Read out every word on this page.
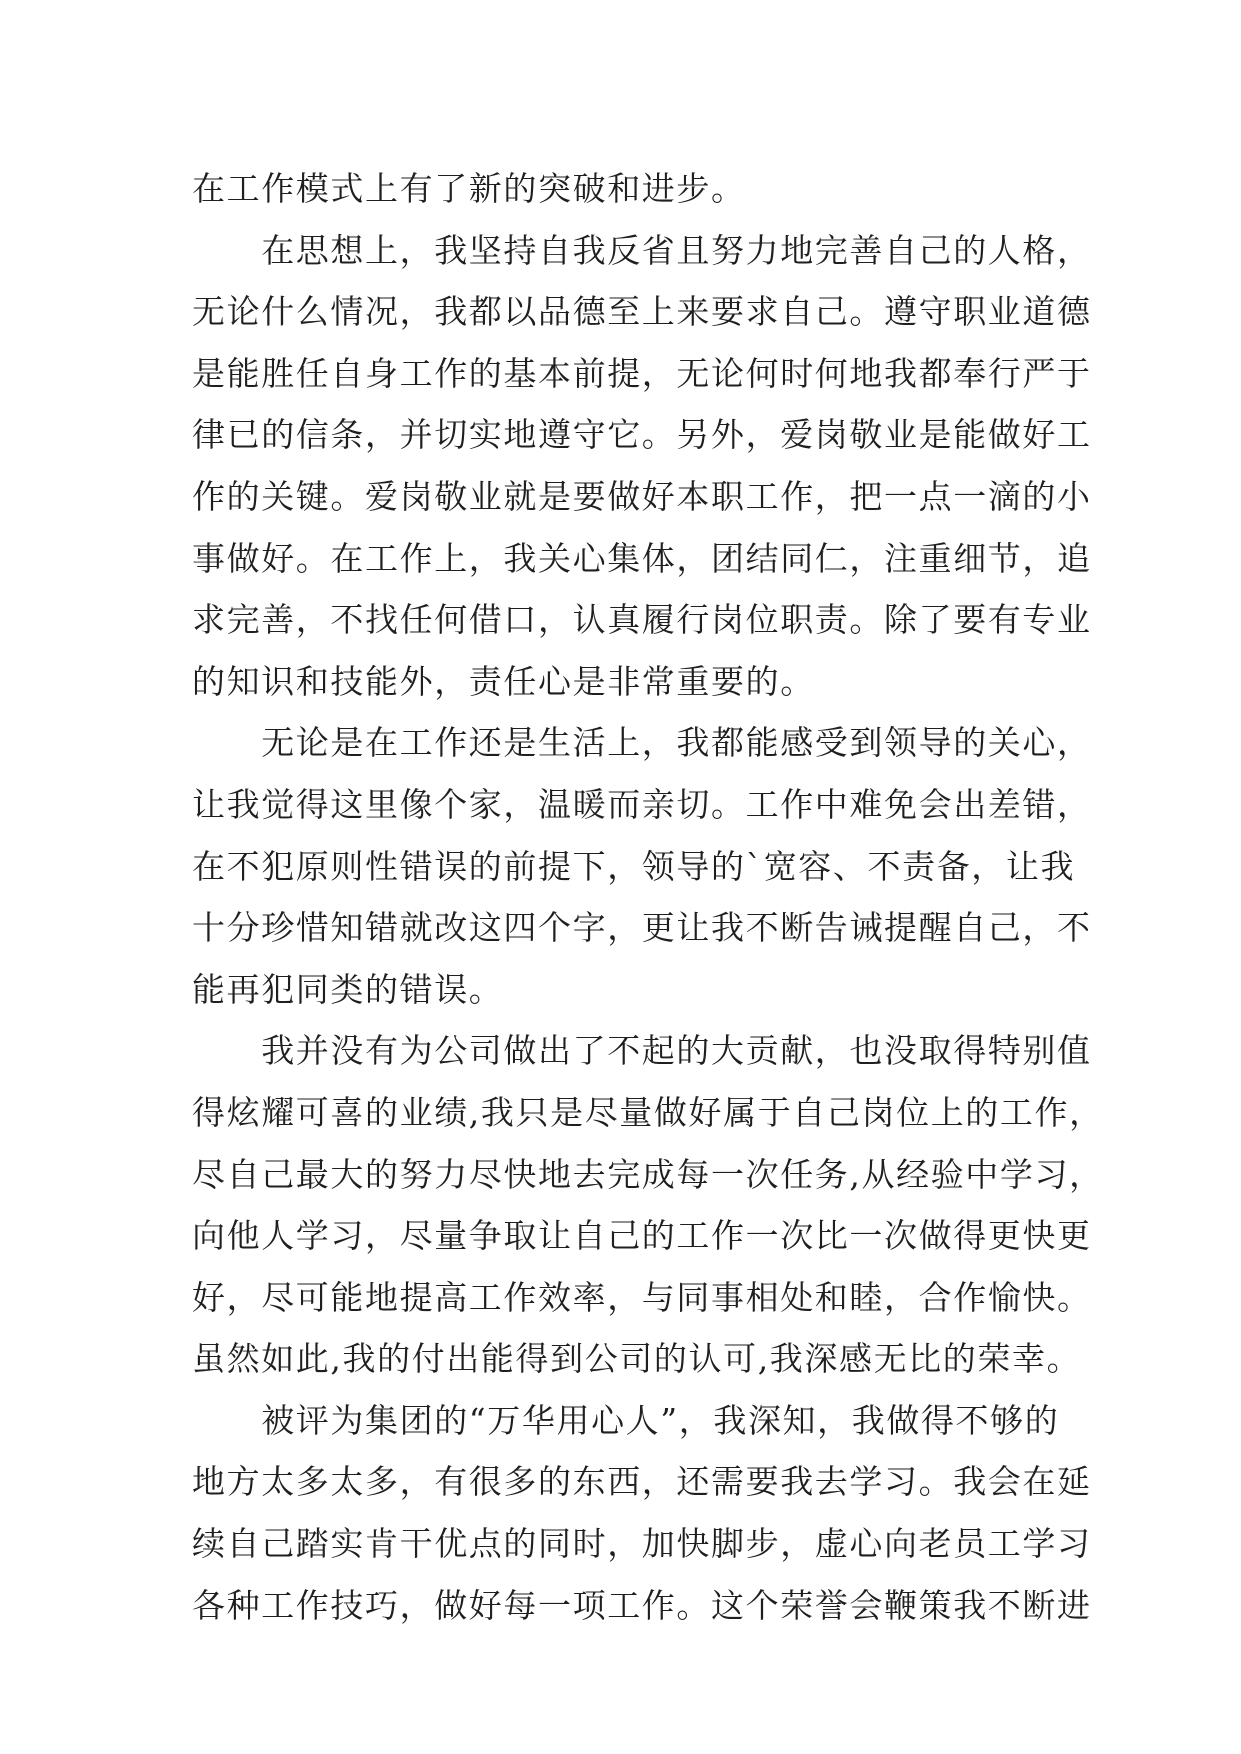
在工作模式上有了新的突破和进步。
　　在思想上，我坚持自我反省且努力地完善自己的人格，
无论什么情况，我都以品德至上来要求自己。遵守职业道德
是能胜任自身工作的基本前提，无论何时何地我都奉行严于
律已的信条，并切实地遵守它。另外，爱岗敬业是能做好工
作的关键。爱岗敬业就是要做好本职工作，把一点一滴的小
事做好。在工作上，我关心集体，团结同仁，注重细节，追
求完善，不找任何借口，认真履行岗位职责。除了要有专业
的知识和技能外，责任心是非常重要的。
　　无论是在工作还是生活上，我都能感受到领导的关心，
让我觉得这里像个家，温暖而亲切。工作中难免会出差错，
在不犯原则性错误的前提下，领导的`宽容、不责备，让我
十分珍惜知错就改这四个字，更让我不断告诫提醒自己，不
能再犯同类的错误。
　　我并没有为公司做出了不起的大贡献，也没取得特别值
得炫耀可喜的业绩,我只是尽量做好属于自己岗位上的工作，
尽自己最大的努力尽快地去完成每一次任务,从经验中学习，
向他人学习，尽量争取让自己的工作一次比一次做得更快更
好，尽可能地提高工作效率，与同事相处和睦，合作愉快。
虽然如此,我的付出能得到公司的认可,我深感无比的荣幸。
　　被评为集团的“万华用心人”，我深知，我做得不够的
地方太多太多，有很多的东西，还需要我去学习。我会在延
续自己踏实肯干优点的同时，加快脚步，虚心向老员工学习
各种工作技巧，做好每一项工作。这个荣誉会鞭策我不断进
